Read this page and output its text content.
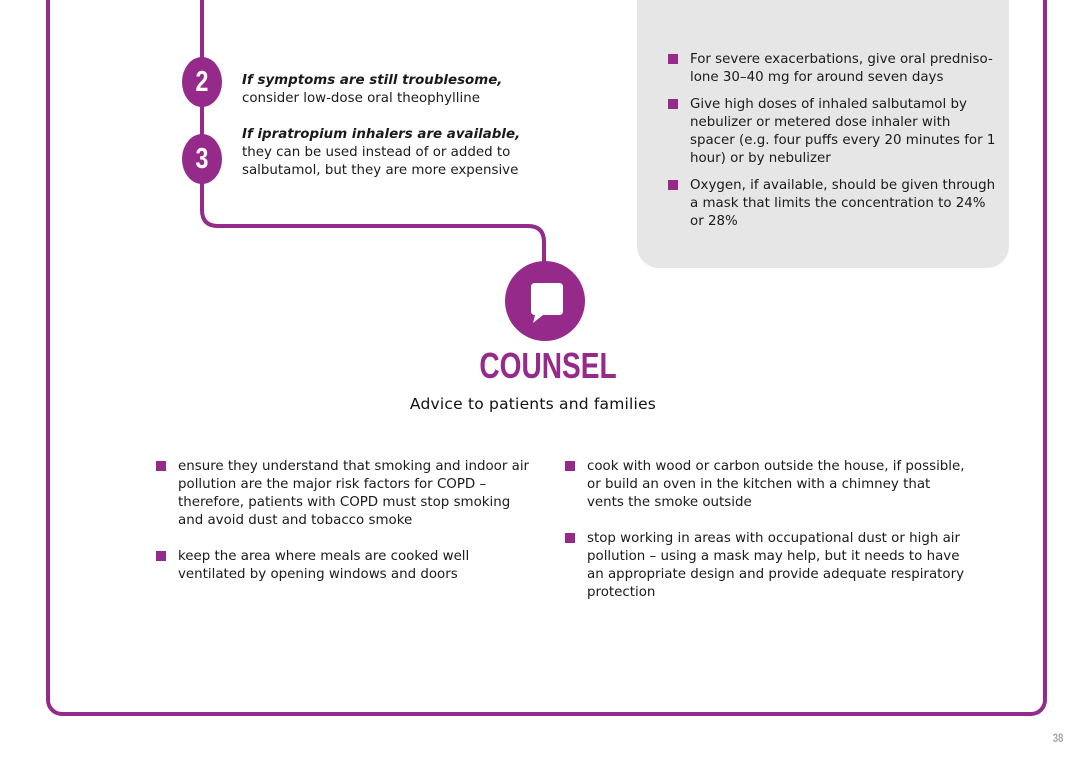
2	If symptoms are still troublesome,
consider low-dose oral theophylline
3
If ipratropium inhalers are available,
they can be used instead of or added to salbutamol, but they are more expensive
For severe exacerbations, give oral predniso-lone 30–40 mg for around seven days
Give high doses of inhaled salbutamol by nebulizer or metered dose inhaler with spacer (e.g. four puffs every 20 minutes for 1 hour) or by nebulizer
Oxygen, if available, should be given through a mask that limits the concentration to 24% or 28%
COUNSEL
Advice to patients and families
ensure they understand that smoking and indoor air pollution are the major risk factors for COPD – therefore, patients with COPD must stop smoking and avoid dust and tobacco smoke
keep the area where meals are cooked well ventilated by opening windows and doors
cook with wood or carbon outside the house, if possible, or build an oven in the kitchen with a chimney that vents the smoke outside
stop working in areas with occupational dust or high air pollution – using a mask may help, but it needs to have an appropriate design and provide adequate respiratory protection
38
